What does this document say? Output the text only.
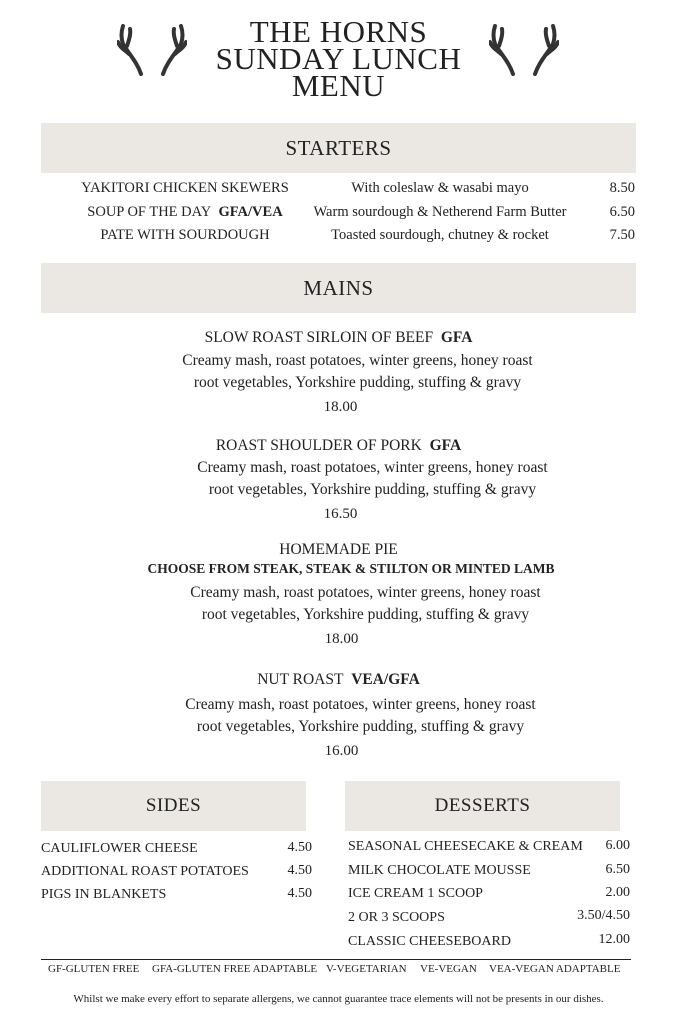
THE HORNS
SUNDAY LUNCH
MENU
STARTERS
YAKITORI CHICKEN SKEWERS	With coleslaw & wasabi mayo	8.50
SOUP OF THE DAY GFA/VEA	Warm sourdough & Netherend Farm Butter	6.50
PATE WITH SOURDOUGH	Toasted sourdough, chutney & rocket	7.50
MAINS
SLOW ROAST SIRLOIN OF BEEF GFA
Creamy mash, roast potatoes, winter greens, honey roast
root vegetables, Yorkshire pudding, stuffing & gravy
18.00
ROAST SHOULDER OF PORK GFA
Creamy mash, roast potatoes, winter greens, honey roast
root vegetables, Yorkshire pudding, stuffing & gravy
16.50
HOMEMADE PIE
CHOOSE FROM STEAK, STEAK & STILTON OR MINTED LAMB
Creamy mash, roast potatoes, winter greens, honey roast
root vegetables, Yorkshire pudding, stuffing & gravy
18.00
NUT ROAST VEA/GFA
Creamy mash, roast potatoes, winter greens, honey roast
root vegetables, Yorkshire pudding, stuffing & gravy
16.00
SIDES
CAULIFLOWER CHEESE	4.50
ADDITIONAL ROAST POTATOES	4.50
PIGS IN BLANKETS	4.50
DESSERTS
SEASONAL CHEESECAKE & CREAM	6.00
MILK CHOCOLATE MOUSSE	6.50
ICE CREAM 1 SCOOP	2.00
2 OR 3 SCOOPS	3.50/4.50
CLASSIC CHEESEBOARD	12.00
GF-GLUTEN FREE GFA-GLUTEN FREE ADAPTABLE V-VEGETARIAN VE-VEGAN VEA-VEGAN ADAPTABLE
Whilst we make every effort to separate allergens, we cannot guarantee trace elements will not be presents in our dishes.
